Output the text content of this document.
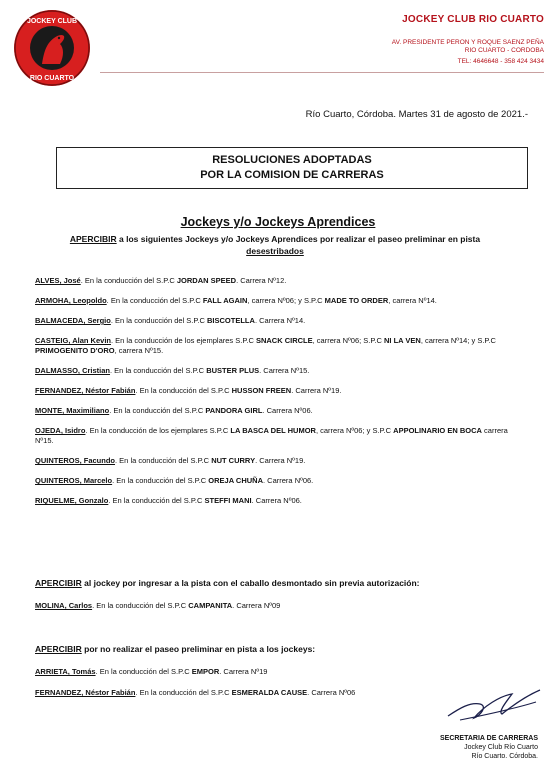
JOCKEY CLUB
RIO CUARTO
JOCKEY CLUB RIO CUARTO
AV. PRESIDENTE PERON Y ROQUE SAENZ PEÑA
RIO CUARTO - CORDOBA
TEL: 4646648 - 358 424 3434
Río Cuarto, Córdoba. Martes 31 de agosto de 2021.-
RESOLUCIONES ADOPTADAS
POR LA COMISION DE CARRERAS
Jockeys y/o Jockeys Aprendices
APERCIBIR a los siguientes Jockeys y/o Jockeys Aprendices por realizar el paseo preliminar en pista
desestribados
ALVES, José. En la conducción del S.P.C JORDAN SPEED. Carrera Nº12.
ARMOHA, Leopoldo. En la conducción del S.P.C FALL AGAIN, carrera Nº06; y S.P.C MADE TO ORDER, carrera Nº14.
BALMACEDA, Sergio. En la conducción del S.P.C BISCOTELLA. Carrera Nº14.
CASTEIG, Alan Kevin. En la conducción de los ejemplares S.P.C SNACK CIRCLE, carrera Nº06; S.P.C NI LA VEN, carrera Nº14; y S.P.C PRIMOGENITO D'ORO, carrera Nº15.
DALMASSO, Cristian. En la conducción del S.P.C BUSTER PLUS. Carrera Nº15.
FERNANDEZ, Néstor Fabián. En la conducción del S.P.C HUSSON FREEN. Carrera Nº19.
MONTE, Maximiliano. En la conducción del S.P.C PANDORA GIRL. Carrera Nº06.
OJEDA, Isidro. En la conducción de los ejemplares S.P.C LA BASCA DEL HUMOR, carrera Nº06; y S.P.C APPOLINARIO EN BOCA carrera Nº15.
QUINTEROS, Facundo. En la conducción del S.P.C NUT CURRY. Carrera Nº19.
QUINTEROS, Marcelo. En la conducción del S.P.C OREJA CHUÑA. Carrera Nº06.
RIQUELME, Gonzalo. En la conducción del S.P.C STEFFI MANI. Carrera Nº06.
APERCIBIR al jockey por ingresar a la pista con el caballo desmontado sin previa autorización:
MOLINA, Carlos. En la conducción del S.P.C CAMPANITA. Carrera Nº09
APERCIBIR por no realizar el paseo preliminar en pista a los jockeys:
ARRIETA, Tomás. En la conducción del S.P.C EMPOR. Carrera Nº19
FERNANDEZ, Néstor Fabián. En la conducción del S.P.C ESMERALDA CAUSE. Carrera Nº06
SECRETARIA DE CARRERAS
Jockey Club Río Cuarto
Río Cuarto. Córdoba.
